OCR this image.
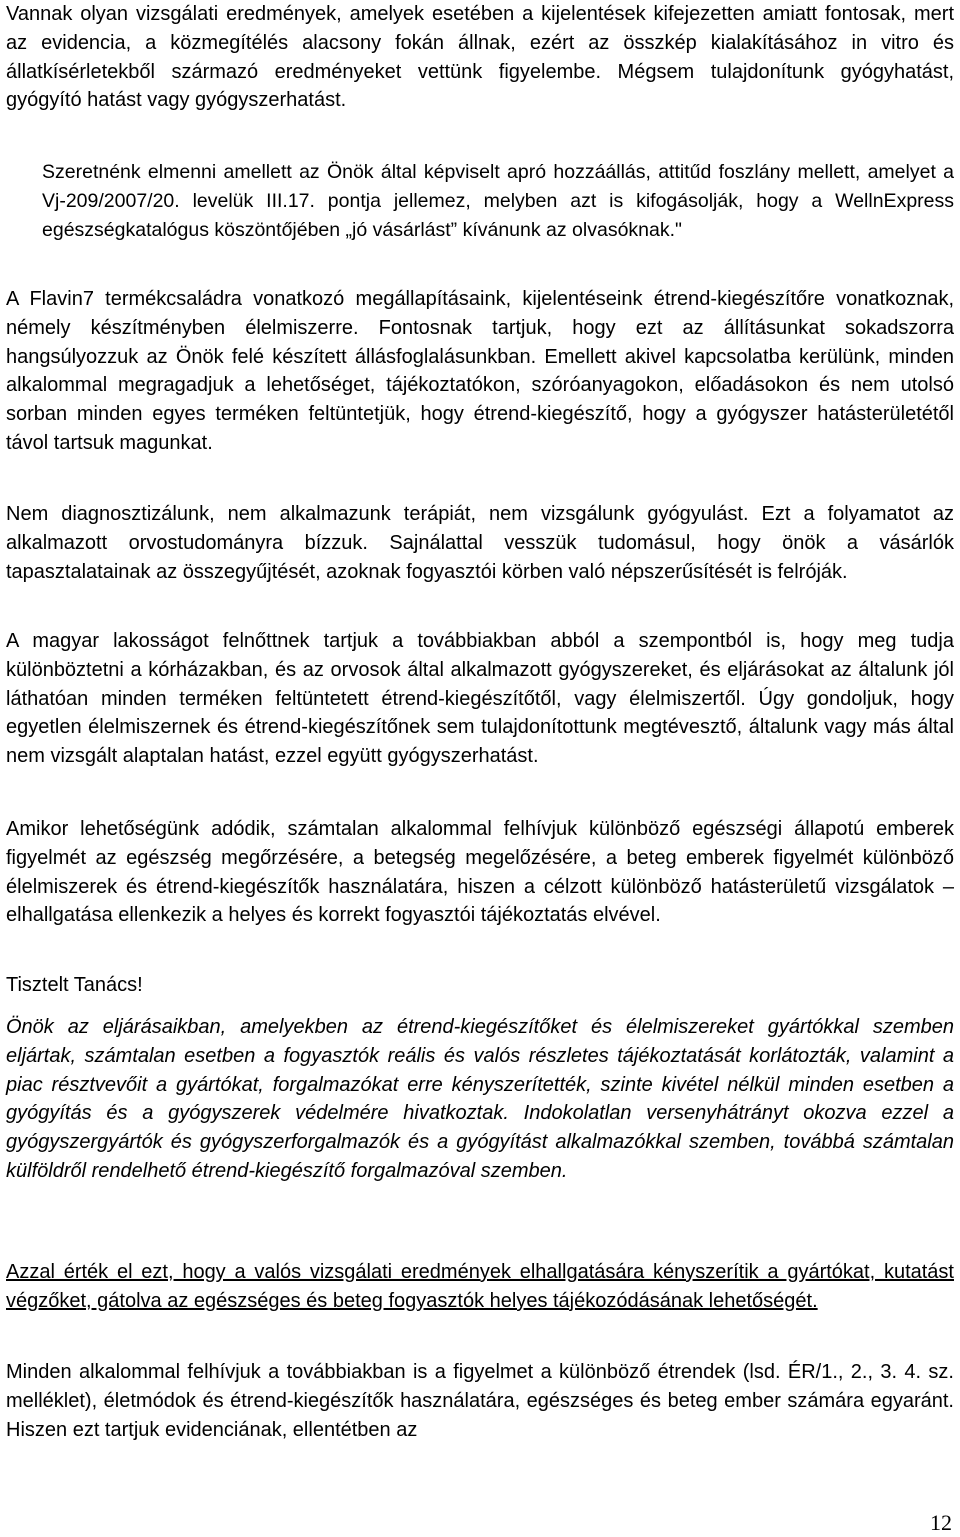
Vannak olyan vizsgálati eredmények, amelyek esetében a kijelentések kifejezetten amiatt fontosak, mert az evidencia, a közmegítélés alacsony fokán állnak, ezért az összkép kialakításához in vitro és állatkísérletekből származó eredményeket vettünk figyelembe. Mégsem tulajdonítunk gyógyhatást, gyógyító hatást vagy gyógyszerhatást.

Szeretnénk elmenni amellett az Önök által képviselt apró hozzáállás, attitűd foszlány mellett, amelyet a Vj-209/2007/20. levelük III.17. pontja jellemez, melyben azt is kifogásolják, hogy a WellnExpress egészségkatalógus köszöntőjében „jó vásárlást” kívánunk az olvasóknak."

A Flavin7 termékcsaládra vonatkozó megállapításaink, kijelentéseink étrend-kiegészítőre vonatkoznak, némely készítményben élelmiszerre. Fontosnak tartjuk, hogy ezt az állításunkat sokadszorra hangsúlyozzuk az Önök felé készített állásfoglalásunkban. Emellett akivel kapcsolatba kerülünk, minden alkalommal megragadjuk a lehetőséget, tájékoztatókon, szóróanyagokon, előadásokon és nem utolsó sorban minden egyes terméken feltüntetjük, hogy étrend-kiegészítő, hogy a gyógyszer hatásterületétől távol tartsuk magunkat.

Nem diagnosztizálunk, nem alkalmazunk terápiát, nem vizsgálunk gyógyulást. Ezt a folyamatot az alkalmazott orvostudományra bízzuk. Sajnálattal vesszük tudomásul, hogy önök a vásárlók tapasztalatainak az összegyűjtését, azoknak fogyasztói körben való népszerűsítését is felróják.

A magyar lakosságot felnőttnek tartjuk a továbbiakban abból a szempontból is, hogy meg tudja különböztetni a kórházakban, és az orvosok által alkalmazott gyógyszereket, és eljárásokat az általunk jól láthatóan minden terméken feltüntetett étrend-kiegészítőtől, vagy élelmiszertől. Úgy gondoljuk, hogy egyetlen élelmiszernek és étrend-kiegészítőnek sem tulajdonítottunk megtévesztő, általunk vagy más által nem vizsgált alaptalan hatást, ezzel együtt gyógyszerhatást.

Amikor lehetőségünk adódik, számtalan alkalommal felhívjuk különböző egészségi állapotú emberek figyelmét az egészség megőrzésére, a betegség megelőzésére, a beteg emberek figyelmét különböző élelmiszerek és étrend-kiegészítők használatára, hiszen a célzott különböző hatásterületű vizsgálatok – elhallgatása ellenkezik a helyes és korrekt fogyasztói tájékoztatás elvével.

Tisztelt Tanács!

Önök az eljárásaikban, amelyekben az étrend-kiegészítőket és élelmiszereket gyártókkal szemben eljártak, számtalan esetben a fogyasztók reális és valós részletes tájékoztatását korlátozták, valamint a piac résztvevőit a gyártókat, forgalmazókat erre kényszerítették, szinte kivétel nélkül minden esetben a gyógyítás és a gyógyszerek védelmére hivatkoztak. Indokolatlan versenyhátrányt okozva ezzel a gyógyszergyártók és gyógyszerforgalmazók és a gyógyítást alkalmazókkal szemben, továbbá számtalan külföldről rendelhető étrend-kiegészítő forgalmazóval szemben.

Azzal érték el ezt, hogy a valós vizsgálati eredmények elhallgatására kényszerítik a gyártókat, kutatást végzőket, gátolva az egészséges és beteg fogyasztók helyes tájékozódásának lehetőségét.

Minden alkalommal felhívjuk a továbbiakban is a figyelmet a különböző étrendek (lsd. ÉR/1., 2., 3. 4. sz. melléklet), életmódok és étrend-kiegészítők használatára, egészséges és beteg ember számára egyaránt. Hiszen ezt tartjuk evidenciának, ellentétben az

12
